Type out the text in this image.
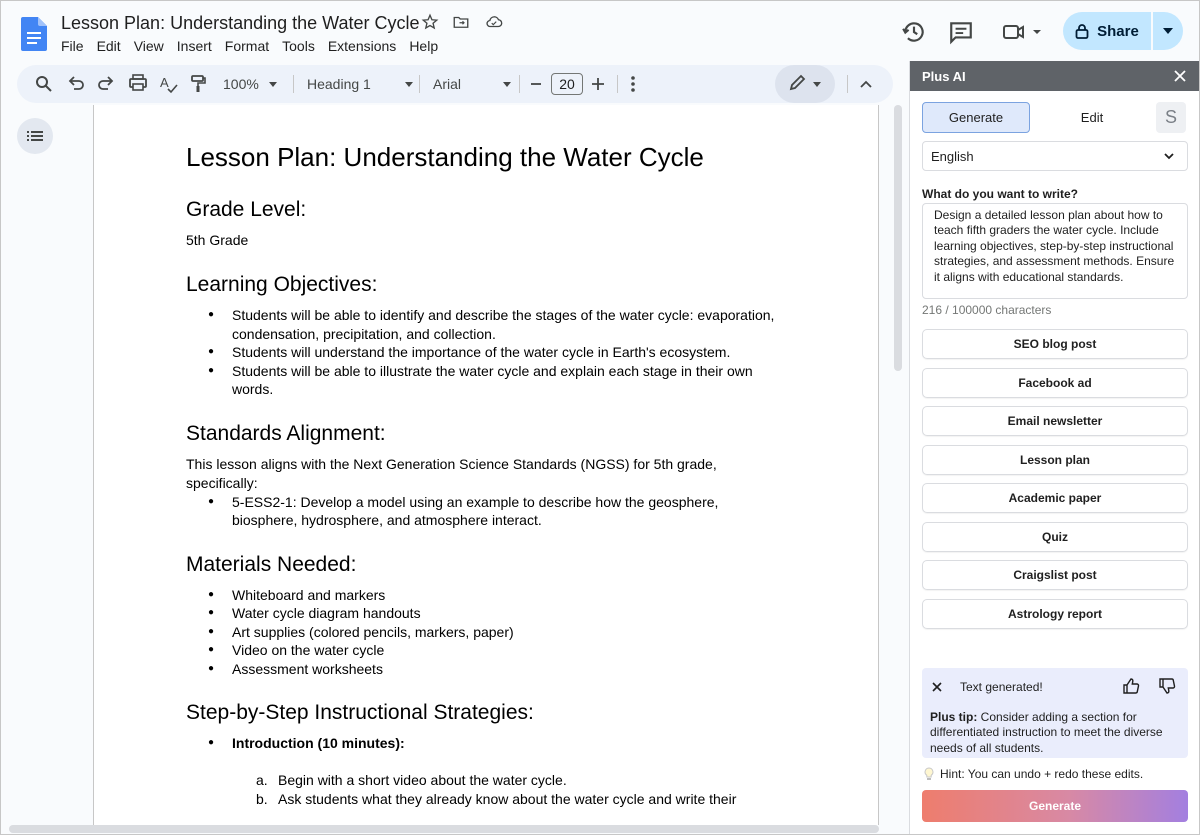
Lesson Plan: Understanding the Water Cycle
File Edit View Insert Format Tools Extensions Help
Share
A	100%	Heading 1	Arial	20
Lesson Plan: Understanding the Water Cycle
Grade Level:
5th Grade
Learning Objectives:
● Students will be able to identify and describe the stages of the water cycle: evaporation, condensation, precipitation, and collection.
● Students will understand the importance of the water cycle in Earth's ecosystem.
● Students will be able to illustrate the water cycle and explain each stage in their own words.
Standards Alignment:
This lesson aligns with the Next Generation Science Standards (NGSS) for 5th grade, specifically:
● 5-ESS2-1: Develop a model using an example to describe how the geosphere, biosphere, hydrosphere, and atmosphere interact.
Materials Needed:
● Whiteboard and markers
● Water cycle diagram handouts
● Art supplies (colored pencils, markers, paper)
● Video on the water cycle
● Assessment worksheets
Step-by-Step Instructional Strategies:
● Introduction (10 minutes):
a. Begin with a short video about the water cycle.
b. Ask students what they already know about the water cycle and write their
Plus AI
Generate	Edit	S
English
What do you want to write?
Design a detailed lesson plan about how to teach fifth graders the water cycle. Include learning objectives, step-by-step instructional strategies, and assessment methods. Ensure it aligns with educational standards.
216 / 100000 characters
SEO blog post
Facebook ad
Email newsletter
Lesson plan
Academic paper
Quiz
Craigslist post
Astrology report
Text generated!
Plus tip: Consider adding a section for differentiated instruction to meet the diverse needs of all students.
Hint: You can undo + redo these edits.
Generate
